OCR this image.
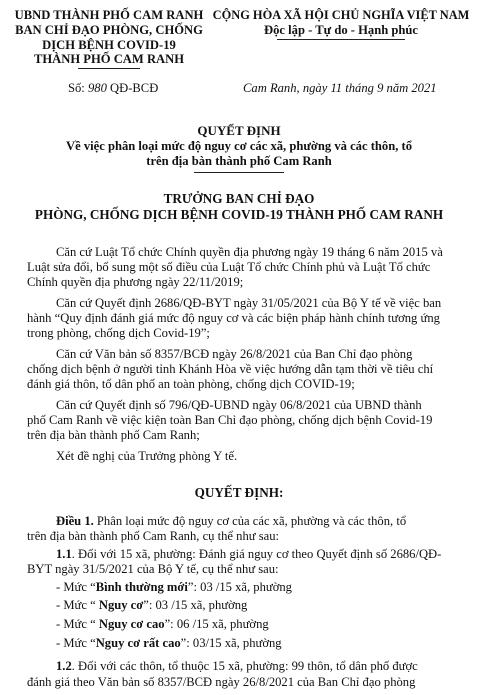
UBND THÀNH PHỐ CAM RANH
BAN CHỈ ĐẠO PHÒNG, CHỐNG
DỊCH BỆNH COVID-19
THÀNH PHỐ CAM RANH
CỘNG HÒA XÃ HỘI CHỦ NGHĨA VIỆT NAM
Độc lập - Tự do - Hạnh phúc
Số: 980 QĐ-BCĐ	Cam Ranh, ngày 11 tháng 9 năm 2021
QUYẾT ĐỊNH
Về việc phân loại mức độ nguy cơ các xã, phường và các thôn, tổ
trên địa bàn thành phố Cam Ranh
TRƯỞNG BAN CHỈ ĐẠO
PHÒNG, CHỐNG DỊCH BỆNH COVID-19 THÀNH PHỐ CAM RANH
Căn cứ Luật Tổ chức Chính quyền địa phương ngày 19 tháng 6 năm 2015 và
Luật sửa đổi, bổ sung một số điều của Luật Tổ chức Chính phủ và Luật Tổ chức
Chính quyền địa phương ngày 22/11/2019;
Căn cứ Quyết định 2686/QĐ-BYT ngày 31/05/2021 của Bộ Y tế về việc ban
hành “Quy định đánh giá mức độ nguy cơ và các biện pháp hành chính tương ứng
trong phòng, chống dịch Covid-19”;
Căn cứ Văn bản số 8357/BCĐ ngày 26/8/2021 của Ban Chỉ đạo phòng
chống dịch bệnh ở người tỉnh Khánh Hòa về việc hướng dẫn tạm thời về tiêu chí
đánh giá thôn, tổ dân phố an toàn phòng, chống dịch COVID-19;
Căn cứ Quyết định số 796/QĐ-UBND ngày 06/8/2021 của UBND thành
phố Cam Ranh về việc kiện toàn Ban Chỉ đạo phòng, chống dịch bệnh Covid-19
trên địa bàn thành phố Cam Ranh;
Xét đề nghị của Trưởng phòng Y tế.
QUYẾT ĐỊNH:
Điều 1. Phân loại mức độ nguy cơ của các xã, phường và các thôn, tổ
trên địa bàn thành phố Cam Ranh, cụ thể như sau:
1.1. Đối với 15 xã, phường: Đánh giá nguy cơ theo Quyết định số 2686/QĐ-
BYT ngày 31/5/2021 của Bộ Y tế, cụ thể như sau:
- Mức “Bình thường mới”: 03 /15 xã, phường
- Mức “ Nguy cơ”: 03 /15 xã, phường
- Mức “ Nguy cơ cao”: 06 /15 xã, phường
- Mức “Nguy cơ rất cao”: 03/15 xã, phường
1.2. Đối với các thôn, tổ thuộc 15 xã, phường: 99 thôn, tổ dân phố được
đánh giá theo Văn bản số 8357/BCĐ ngày 26/8/2021 của Ban Chỉ đạo phòng
